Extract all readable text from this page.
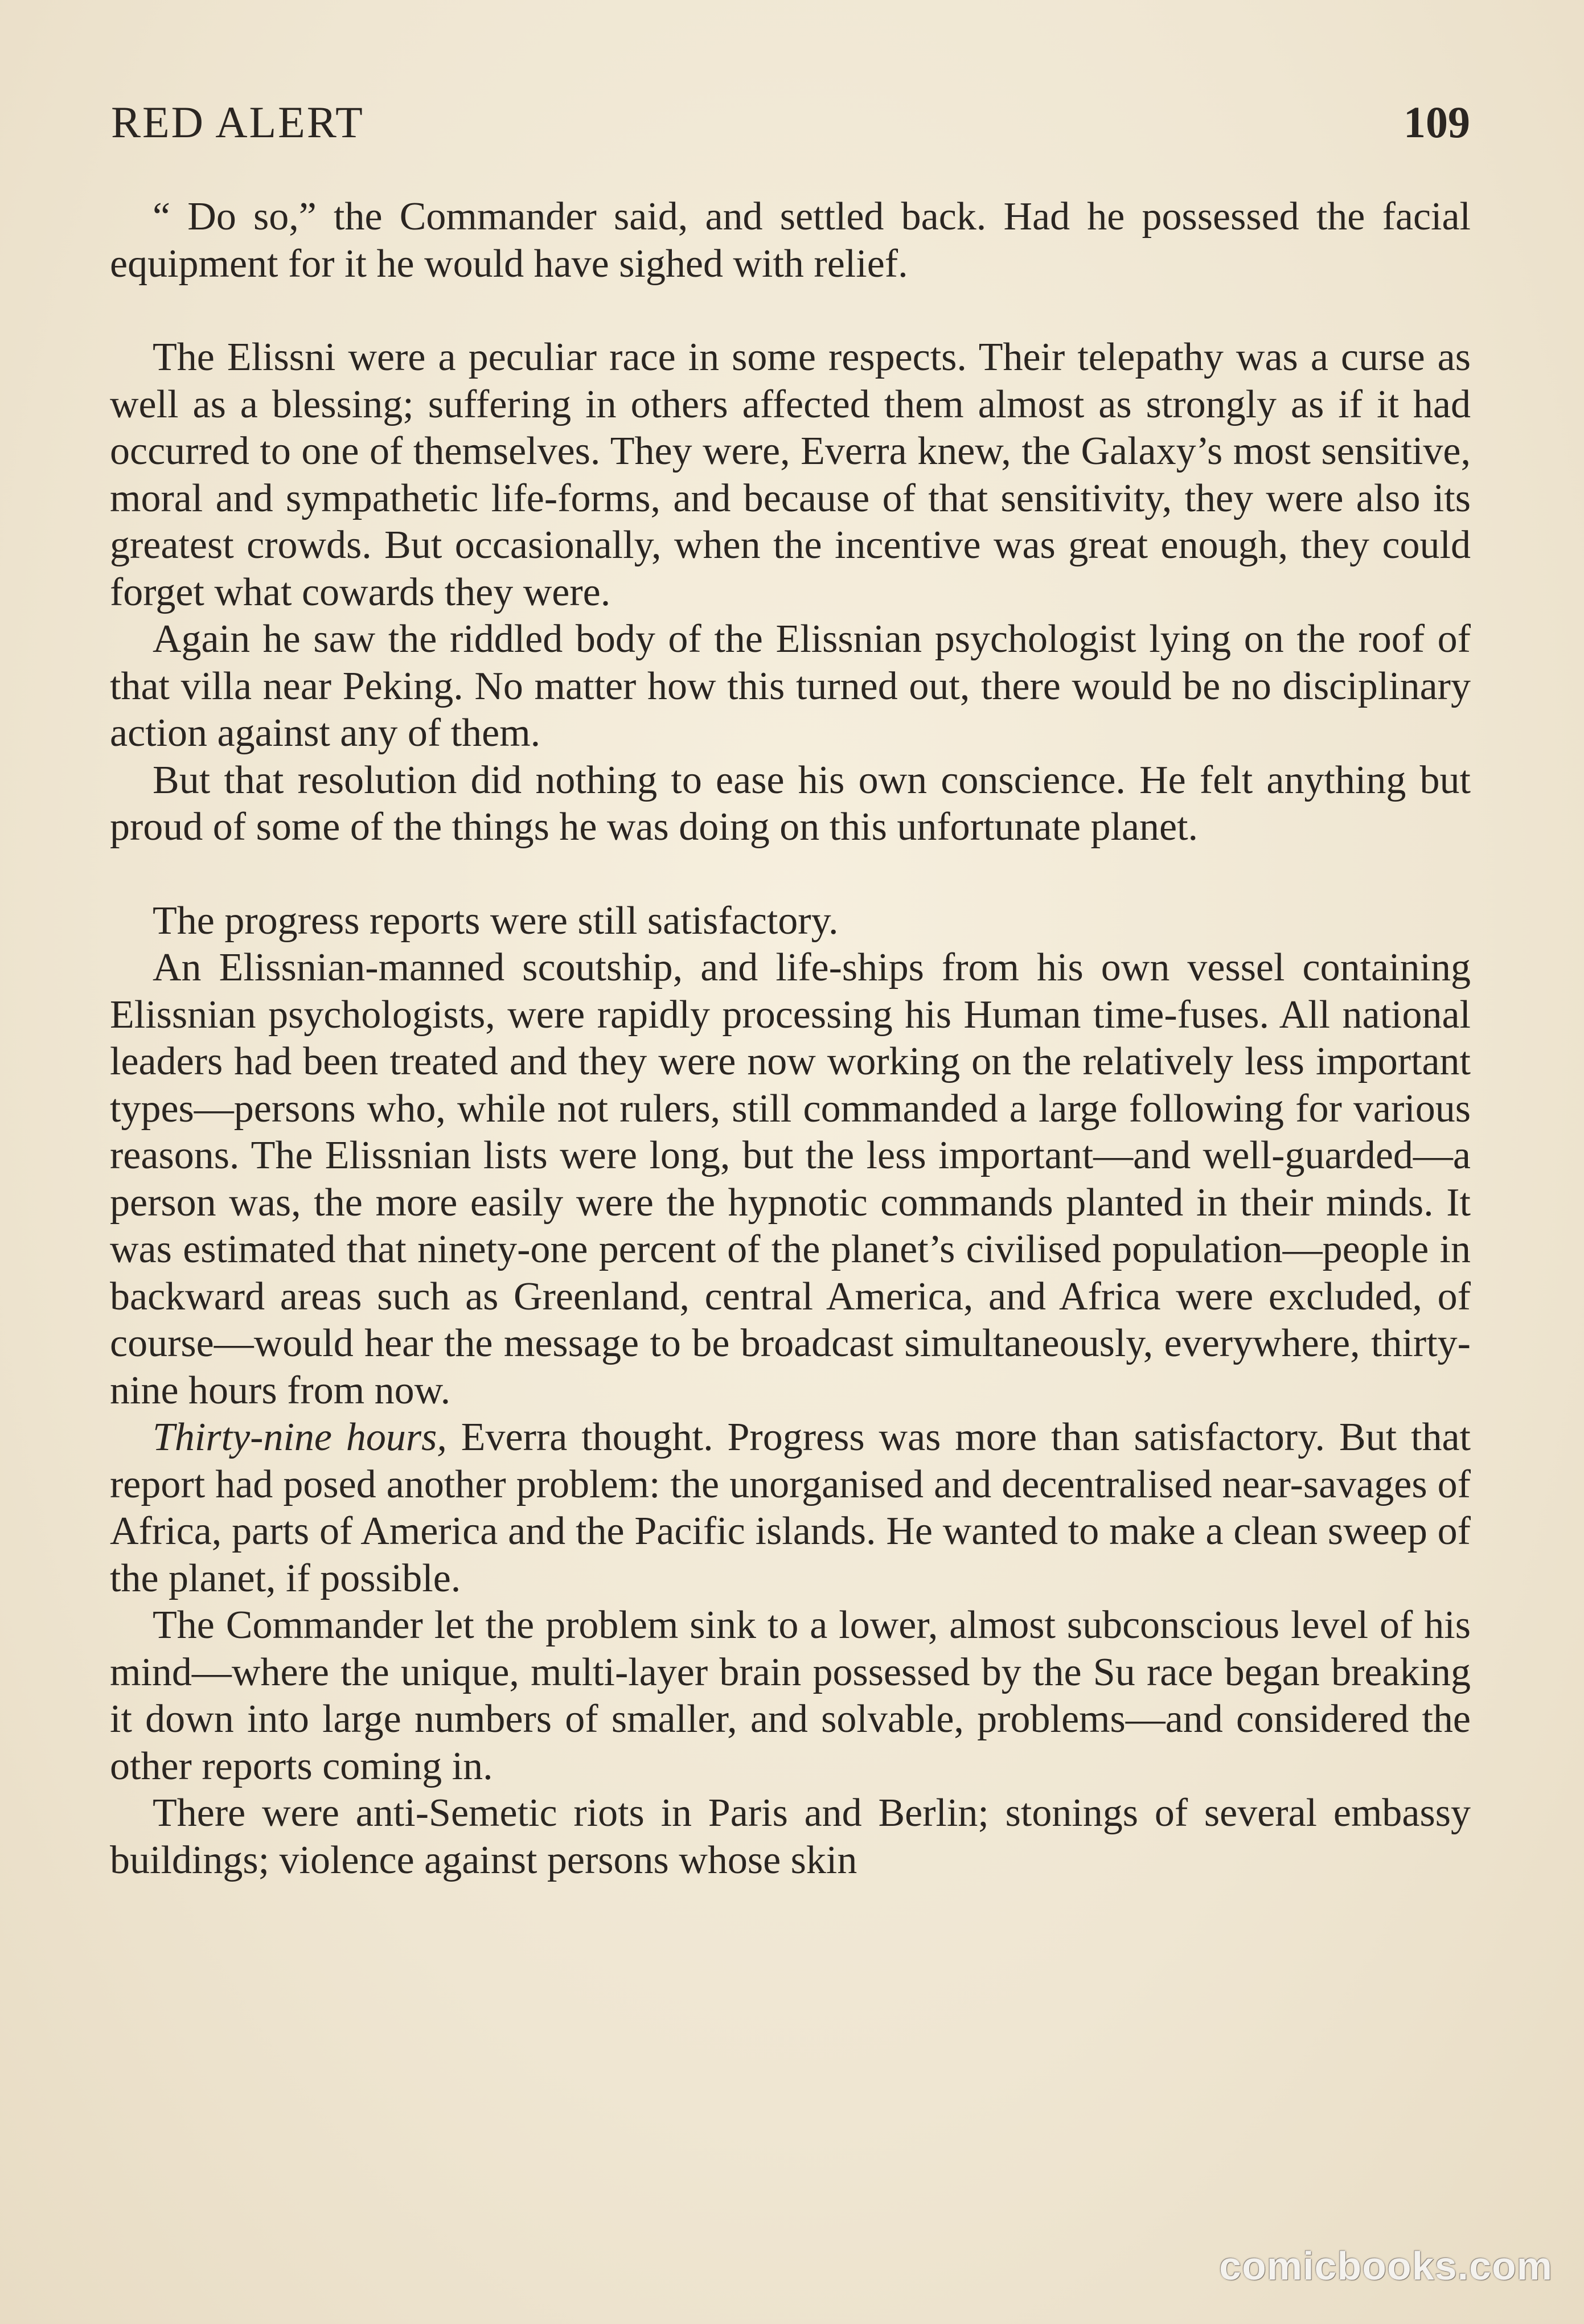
RED ALERT	109

“ Do so,” the Commander said, and settled back. Had he possessed the facial equipment for it he would have sighed with relief.

The Elissni were a peculiar race in some respects. Their telepathy was a curse as well as a blessing; suffering in others affected them almost as strongly as if it had occurred to one of themselves. They were, Everra knew, the Galaxy’s most sensitive, moral and sympathetic life-forms, and because of that sensitivity, they were also its greatest crowds. But occasionally, when the incentive was great enough, they could forget what cowards they were.

Again he saw the riddled body of the Elissnian psychologist lying on the roof of that villa near Peking. No matter how this turned out, there would be no disciplinary action against any of them.

But that resolution did nothing to ease his own conscience. He felt anything but proud of some of the things he was doing on this unfortunate planet.

The progress reports were still satisfactory.

An Elissnian-manned scoutship, and life-ships from his own vessel containing Elissnian psychologists, were rapidly processing his Human time-fuses. All national leaders had been treated and they were now working on the relatively less important types—persons who, while not rulers, still commanded a large following for various reasons. The Elissnian lists were long, but the less important—and well-guarded—a person was, the more easily were the hypnotic commands planted in their minds. It was estimated that ninety-one percent of the planet’s civilised population—people in backward areas such as Greenland, central America, and Africa were excluded, of course—would hear the message to be broadcast simultaneously, everywhere, thirty-nine hours from now.

Thirty-nine hours, Everra thought. Progress was more than satisfactory. But that report had posed another problem: the unorganised and decentralised near-savages of Africa, parts of America and the Pacific islands. He wanted to make a clean sweep of the planet, if possible.

The Commander let the problem sink to a lower, almost subconscious level of his mind—where the unique, multi-layer brain possessed by the Su race began breaking it down into large numbers of smaller, and solvable, problems—and considered the other reports coming in.

There were anti-Semetic riots in Paris and Berlin; stonings of several embassy buildings; violence against persons whose skin

comicbooks.com
